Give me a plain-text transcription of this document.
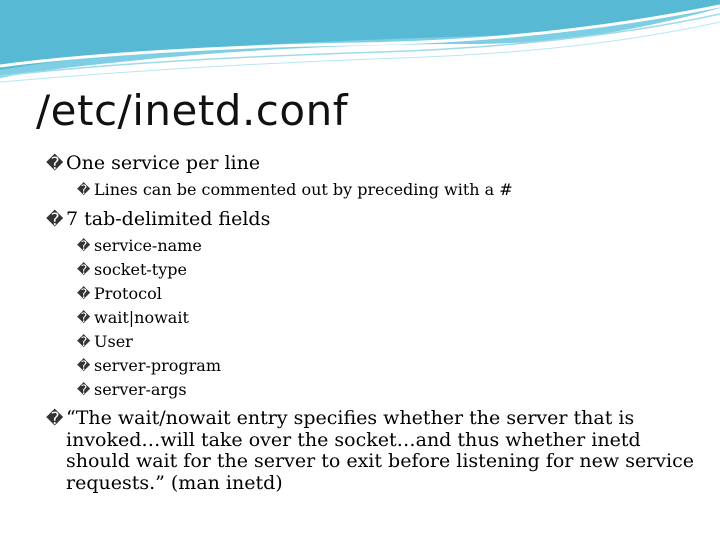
/etc/inetd.conf
� One service per line
� Lines can be commented out by preceding with a #
� 7 tab-delimited fields
� service-name
� socket-type
� Protocol
� wait|nowait
� User
� server-program
� server-args
� “The wait/nowait entry specifies whether the server that is invoked…will take over the socket…and thus whether inetd should wait for the server to exit before listening for new service requests.” (man inetd)
